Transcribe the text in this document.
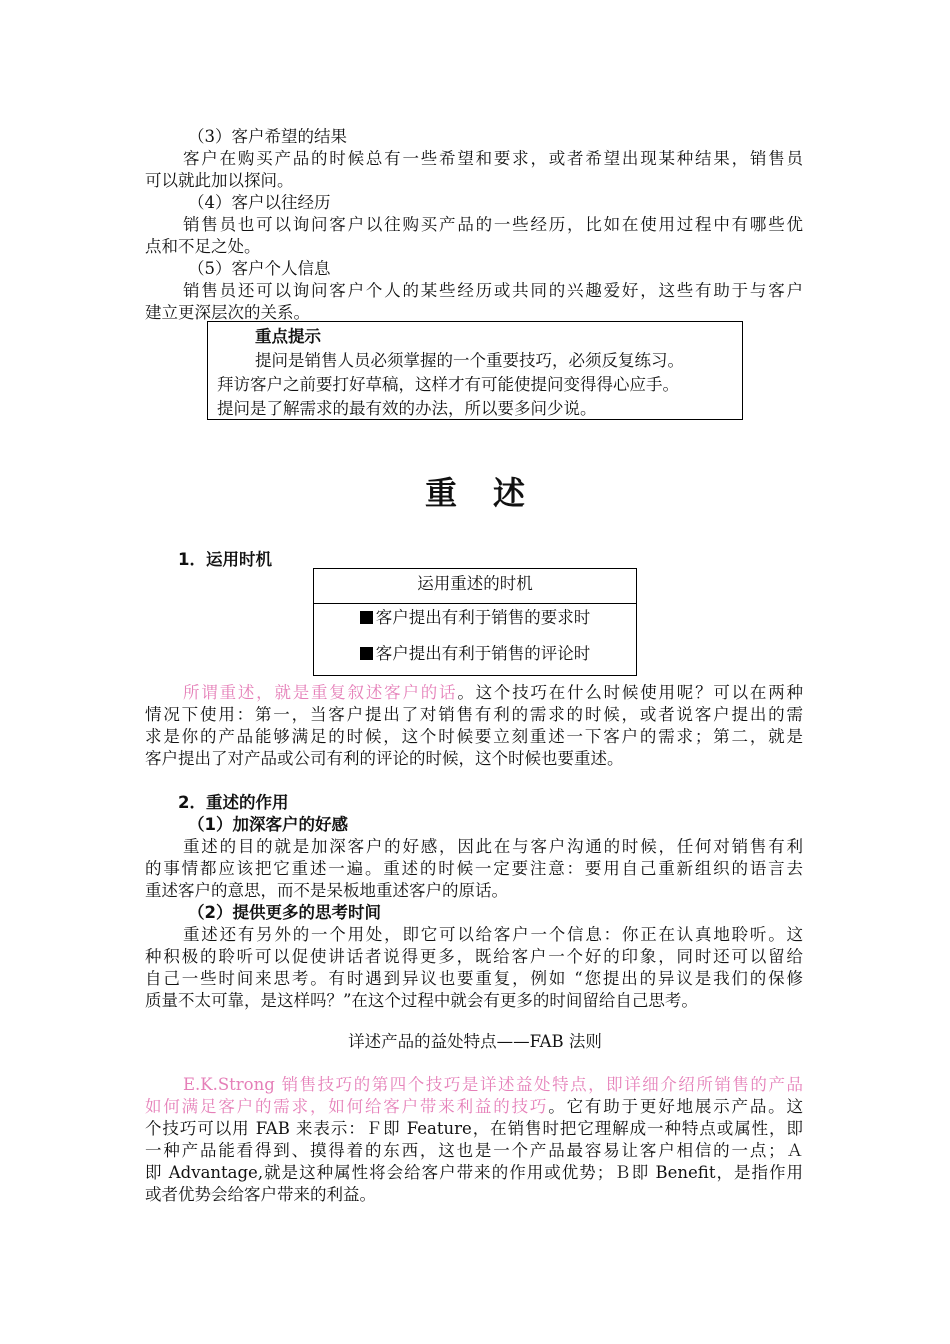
（3）客户希望的结果
客户在购买产品的时候总有一些希望和要求，或者希望出现某种结果，销售员
可以就此加以探问。
（4）客户以往经历
销售员也可以询问客户以往购买产品的一些经历，比如在使用过程中有哪些优
点和不足之处。
（5）客户个人信息
销售员还可以询问客户个人的某些经历或共同的兴趣爱好，这些有助于与客户
建立更深层次的关系。
重点提示
提问是销售人员必须掌握的一个重要技巧，必须反复练习。
拜访客户之前要打好草稿，这样才有可能使提问变得得心应手。
提问是了解需求的最有效的办法，所以要多问少说。
重述
1．运用时机
运用重述的时机
客户提出有利于销售的要求时
客户提出有利于销售的评论时
所谓重述，就是重复叙述客户的话。这个技巧在什么时候使用呢？可以在两种
情况下使用：第一，当客户提出了对销售有利的需求的时候，或者说客户提出的需
求是你的产品能够满足的时候，这个时候要立刻重述一下客户的需求；第二，就是
客户提出了对产品或公司有利的评论的时候，这个时候也要重述。
2．重述的作用
（1）加深客户的好感
重述的目的就是加深客户的好感，因此在与客户沟通的时候，任何对销售有利
的事情都应该把它重述一遍。重述的时候一定要注意：要用自己重新组织的语言去
重述客户的意思，而不是呆板地重述客户的原话。
（2）提供更多的思考时间
重述还有另外的一个用处，即它可以给客户一个信息：你正在认真地聆听。这
种积极的聆听可以促使讲话者说得更多，既给客户一个好的印象，同时还可以留给
自己一些时间来思考。有时遇到异议也要重复，例如 “您提出的异议是我们的保修
质量不太可靠，是这样吗？”在这个过程中就会有更多的时间留给自己思考。
详述产品的益处特点——FAB 法则
E.K.Strong 销售技巧的第四个技巧是详述益处特点，即详细介绍所销售的产品
如何满足客户的需求，如何给客户带来利益的技巧。它有助于更好地展示产品。这
个技巧可以用 FAB 来表示：Ｆ即 Feature，在销售时把它理解成一种特点或属性，即
一种产品能看得到、摸得着的东西，这也是一个产品最容易让客户相信的一点；Ａ
即 Advantage,就是这种属性将会给客户带来的作用或优势；Ｂ即 Benefit，是指作用
或者优势会给客户带来的利益。
